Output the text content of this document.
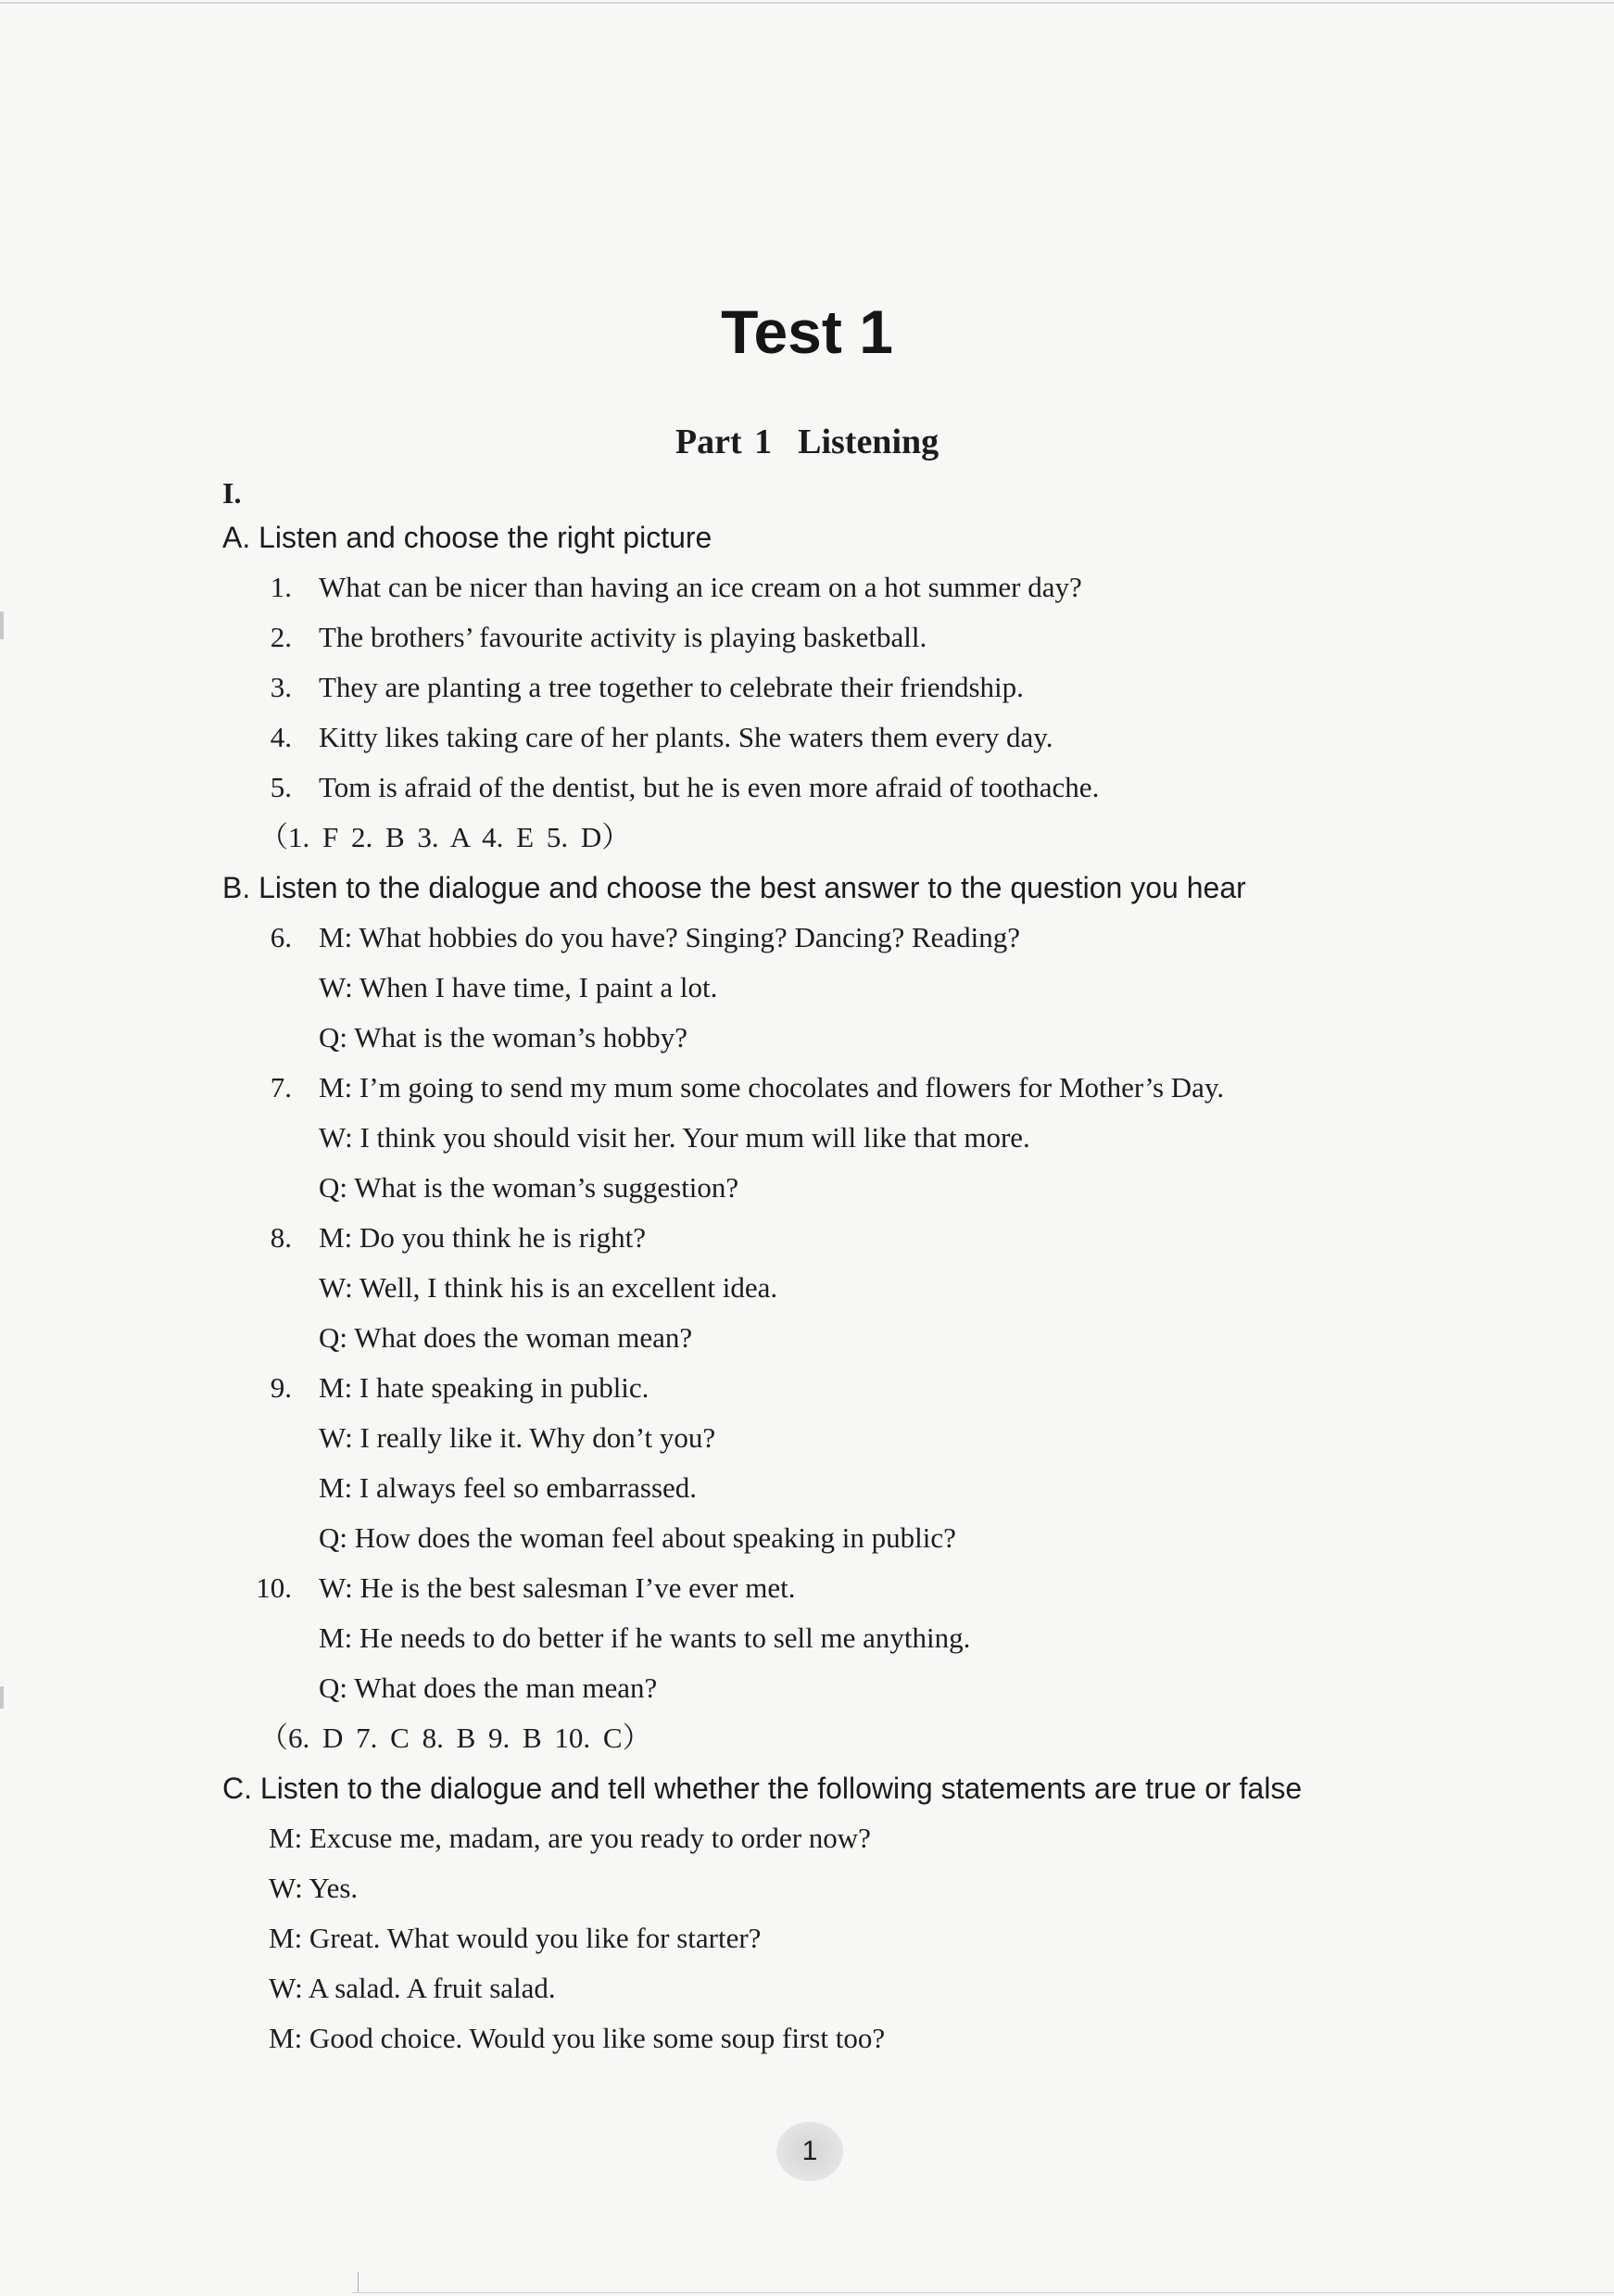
Test 1
Part 1 Listening
I.
A. Listen and choose the right picture
1. What can be nicer than having an ice cream on a hot summer day?
2. The brothers’ favourite activity is playing basketball.
3. They are planting a tree together to celebrate their friendship.
4. Kitty likes taking care of her plants. She waters them every day.
5. Tom is afraid of the dentist, but he is even more afraid of toothache.
（1. F 2. B 3. A 4. E 5. D）
B. Listen to the dialogue and choose the best answer to the question you hear
6. M: What hobbies do you have? Singing? Dancing? Reading?
W: When I have time, I paint a lot.
Q: What is the woman’s hobby?
7. M: I’m going to send my mum some chocolates and flowers for Mother’s Day.
W: I think you should visit her. Your mum will like that more.
Q: What is the woman’s suggestion?
8. M: Do you think he is right?
W: Well, I think his is an excellent idea.
Q: What does the woman mean?
9. M: I hate speaking in public.
W: I really like it. Why don’t you?
M: I always feel so embarrassed.
Q: How does the woman feel about speaking in public?
10. W: He is the best salesman I’ve ever met.
M: He needs to do better if he wants to sell me anything.
Q: What does the man mean?
（6. D 7. C 8. B 9. B 10. C）
C. Listen to the dialogue and tell whether the following statements are true or false
M: Excuse me, madam, are you ready to order now?
W: Yes.
M: Great. What would you like for starter?
W: A salad. A fruit salad.
M: Good choice. Would you like some soup first too?
1
